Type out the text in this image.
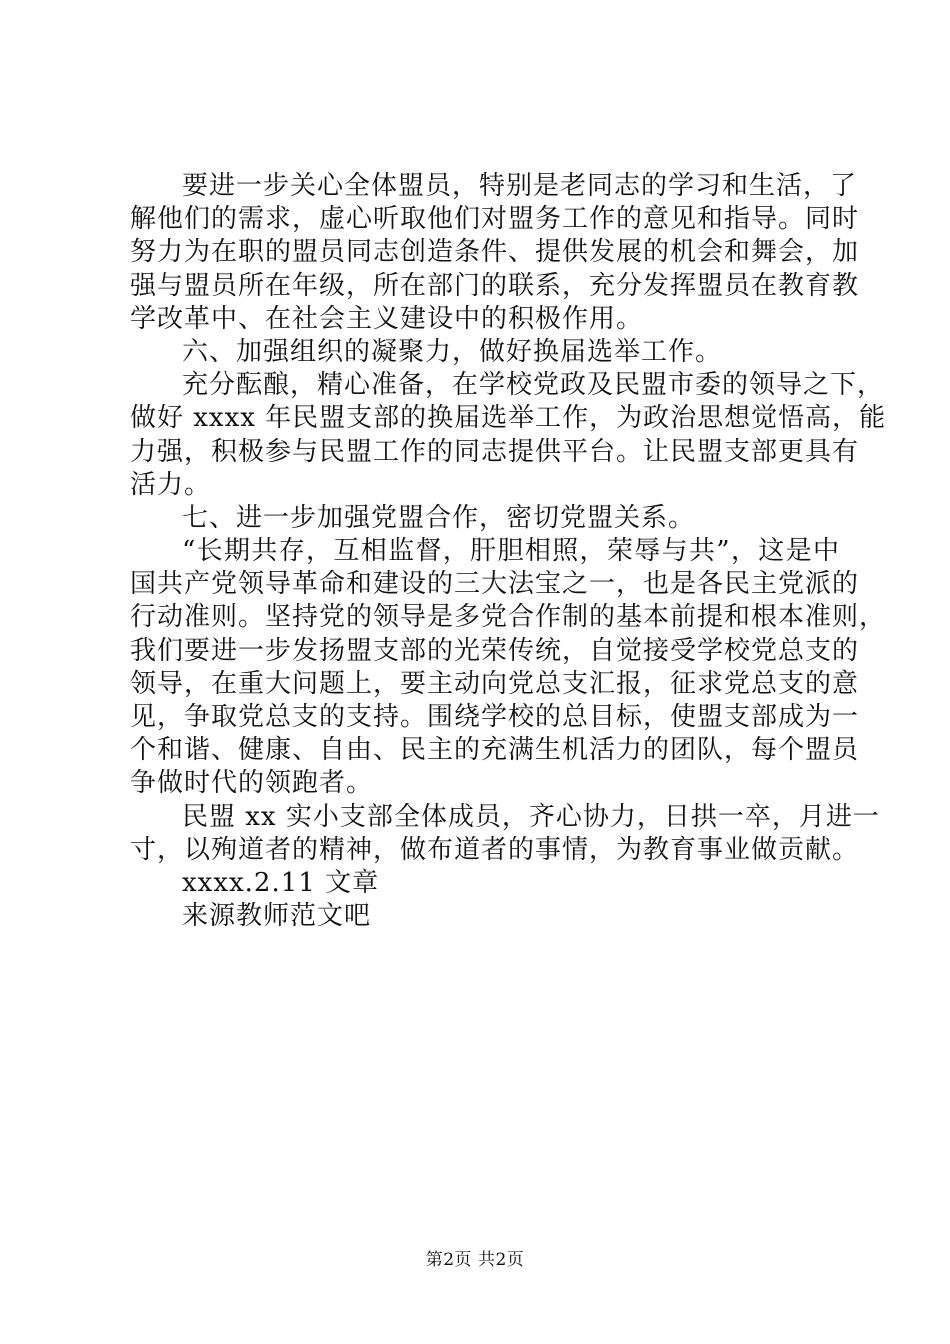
要进一步关心全体盟员，特别是老同志的学习和生活，了
解他们的需求，虚心听取他们对盟务工作的意见和指导。同时
努力为在职的盟员同志创造条件、提供发展的机会和舞会，加
强与盟员所在年级，所在部门的联系，充分发挥盟员在教育教
学改革中、在社会主义建设中的积极作用。
六、加强组织的凝聚力，做好换届选举工作。
充分酝酿，精心准备，在学校党政及民盟市委的领导之下，
做好 xxxx 年民盟支部的换届选举工作，为政治思想觉悟高，能
力强，积极参与民盟工作的同志提供平台。让民盟支部更具有
活力。
七、进一步加强党盟合作，密切党盟关系。
“长期共存，互相监督，肝胆相照，荣辱与共”，这是中
国共产党领导革命和建设的三大法宝之一，也是各民主党派的
行动准则。坚持党的领导是多党合作制的基本前提和根本准则，
我们要进一步发扬盟支部的光荣传统，自觉接受学校党总支的
领导，在重大问题上，要主动向党总支汇报，征求党总支的意
见，争取党总支的支持。围绕学校的总目标，使盟支部成为一
个和谐、健康、自由、民主的充满生机活力的团队，每个盟员
争做时代的领跑者。
民盟 xx 实小支部全体成员，齐心协力，日拱一卒，月进一
寸，以殉道者的精神，做布道者的事情，为教育事业做贡献。
xxxx.2.11 文章
来源教师范文吧
第2页 共2页
